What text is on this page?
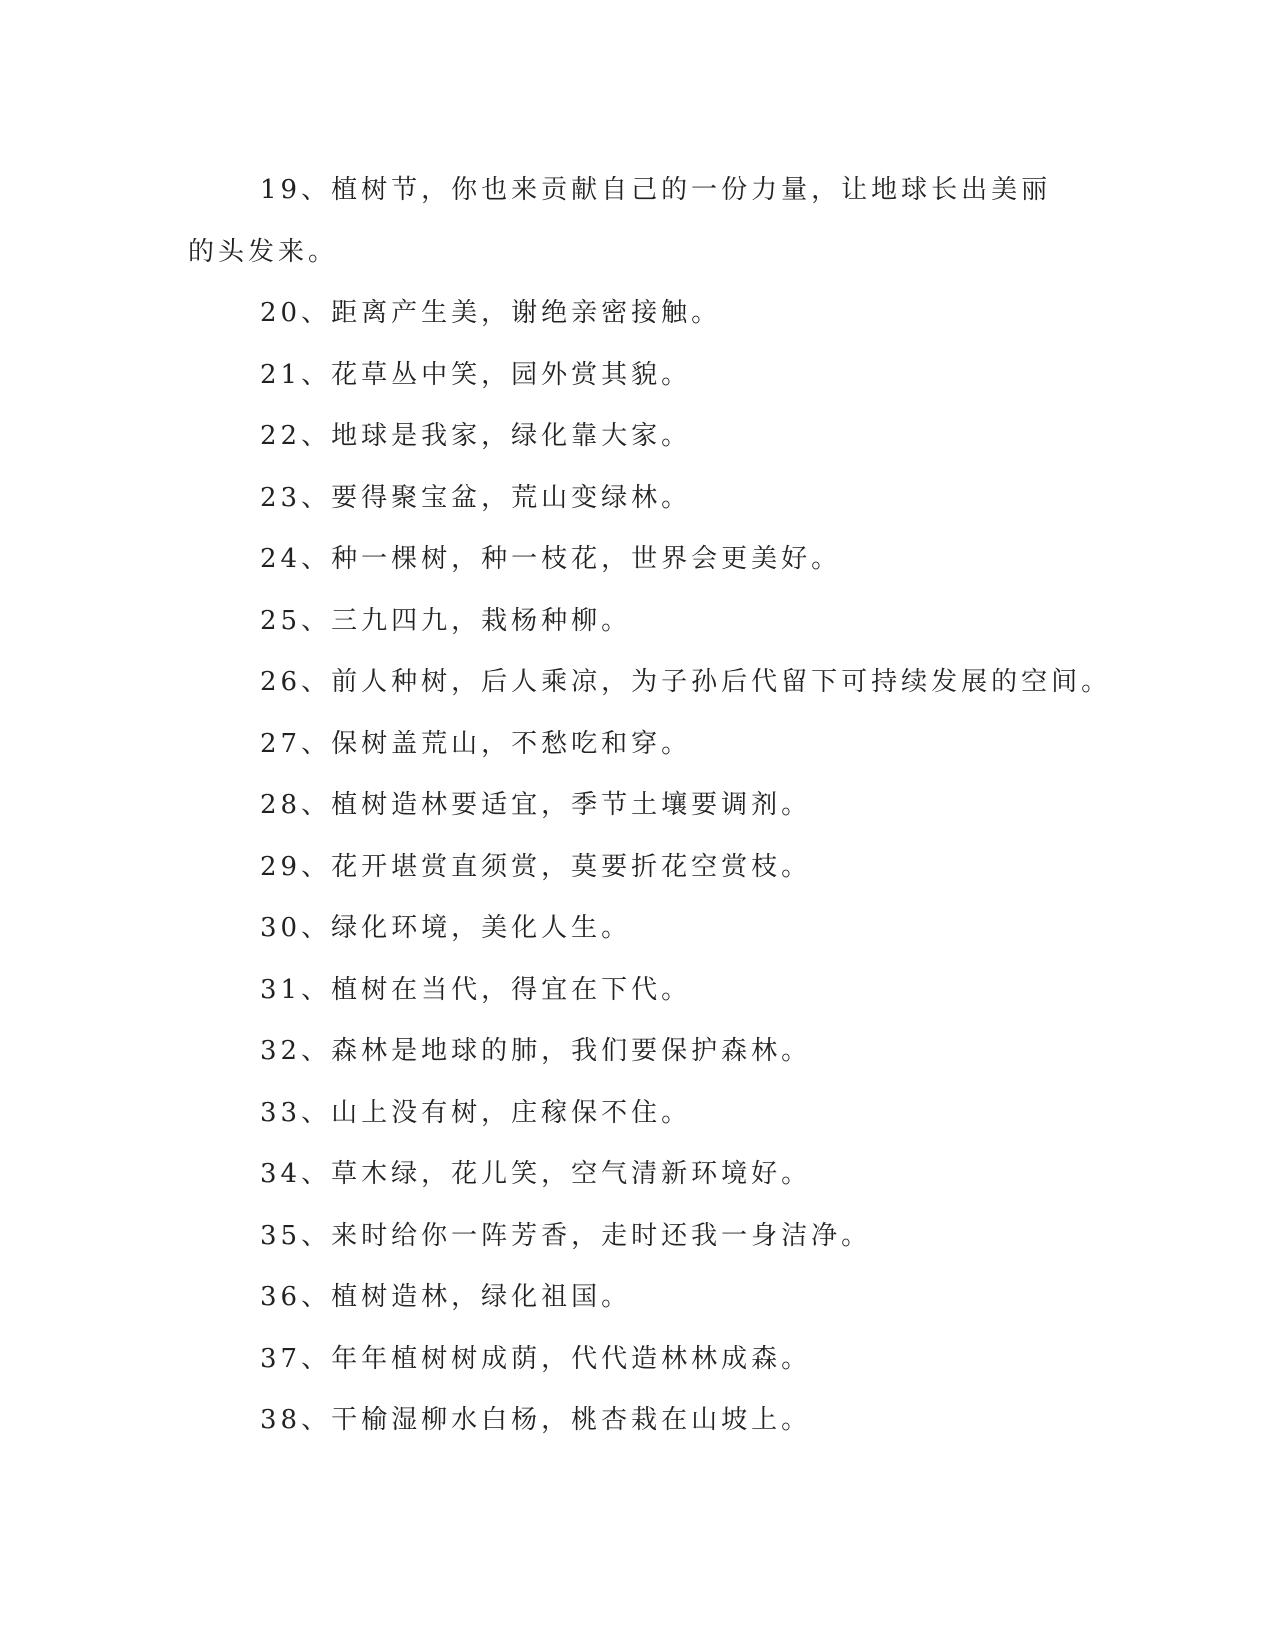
19、植树节，你也来贡献自己的一份力量，让地球长出美丽的头发来。

20、距离产生美，谢绝亲密接触。

21、花草丛中笑，园外赏其貌。

22、地球是我家，绿化靠大家。

23、要得聚宝盆，荒山变绿林。

24、种一棵树，种一枝花，世界会更美好。

25、三九四九，栽杨种柳。

26、前人种树，后人乘凉，为子孙后代留下可持续发展的空间。

27、保树盖荒山，不愁吃和穿。

28、植树造林要适宜，季节土壤要调剂。

29、花开堪赏直须赏，莫要折花空赏枝。

30、绿化环境，美化人生。

31、植树在当代，得宜在下代。

32、森林是地球的肺，我们要保护森林。

33、山上没有树，庄稼保不住。

34、草木绿，花儿笑，空气清新环境好。

35、来时给你一阵芳香，走时还我一身洁净。

36、植树造林，绿化祖国。

37、年年植树树成荫，代代造林林成森。

38、干榆湿柳水白杨，桃杏栽在山坡上。
